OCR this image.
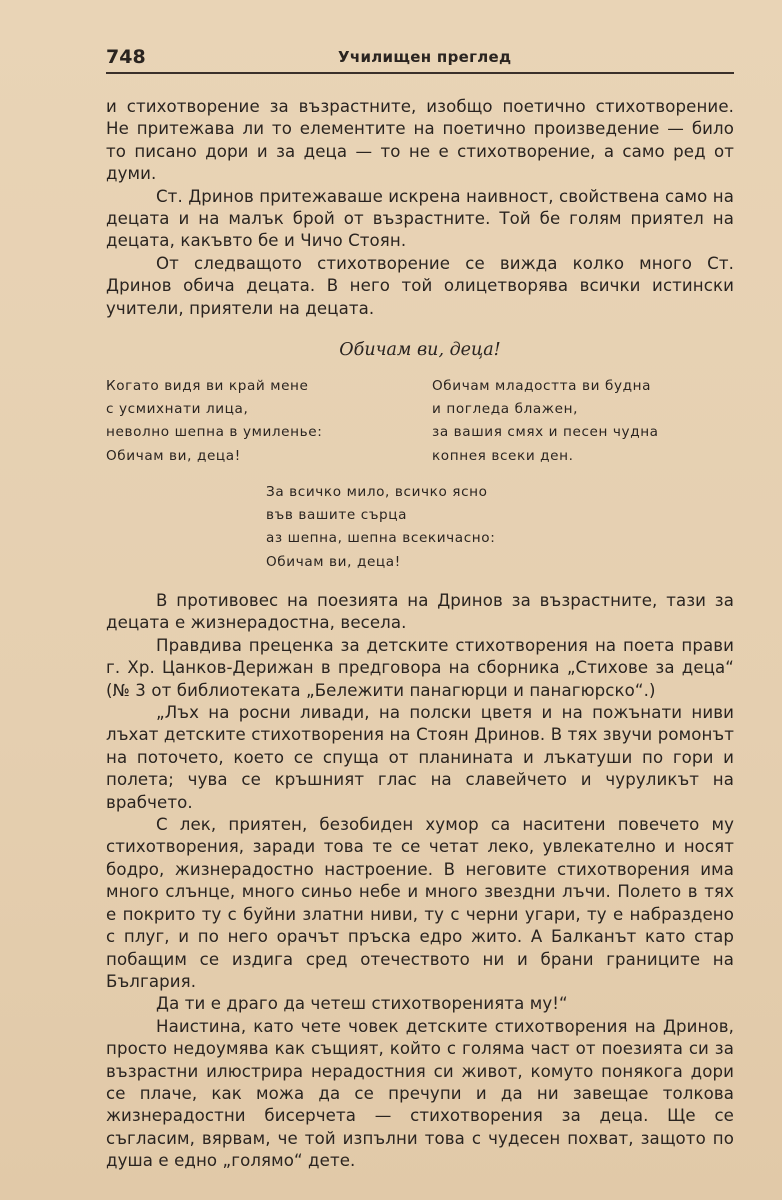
748	Училищен преглед

и стихотворение за възрастните, изобщо поетично стихотворение. Не притежава ли то елементите на поетично произведение — било то писано дори и за деца — то не е стихотворение, а само ред от думи.

Ст. Дринов притежаваше искрена наивност, свойствена само на децата и на малък брой от възрастните. Той бе голям приятел на децата, какъвто бе и Чичо Стоян.

От следващото стихотворение се вижда колко много Ст. Дринов обича децата. В него той олицетворява всички истински учители, приятели на децата.

Обичам ви, деца!
Когато видя ви край мене
с усмихнати лица,
неволно шепна в умиленье:
Обичам ви, деца!
Обичам младостта ви будна
и погледа блажен,
за вашия смях и песен чудна
копнея всеки ден.
За всичко мило, всичко ясно
във вашите сърца
аз шепна, шепна всекичасно:
Обичам ви, деца!

В противовес на поезията на Дринов за възрастните, тази за децата е жизнерадостна, весела.

Правдива преценка за детските стихотворения на поета прави г. Хр. Цанков-Дерижан в предговора на сборника „Стихове за деца“ (№ 3 от библиотеката „Бележити панагюрци и панагюрско“.)

„Лъх на росни ливади, на полски цветя и на пожънати ниви лъхат детските стихотворения на Стоян Дринов. В тях звучи ромонът на поточето, което се спуща от планината и лъкатуши по гори и полета; чува се кръшният глас на славейчето и чуруликът на врабчето.

С лек, приятен, безобиден хумор са наситени повечето му стихотворения, заради това те се четат леко, увлекателно и носят бодро, жизнерадостно настроение. В неговите стихотворения има много слънце, много синьо небе и много звездни лъчи. Полето в тях е покрито ту с буйни златни ниви, ту с черни угари, ту е набраздено с плуг, и по него орачът пръска едро жито. А Балканът като стар побащим се издига сред отечеството ни и брани границите на България.

Да ти е драго да четеш стихотворенията му!“

Наистина, като чете човек детските стихотворения на Дринов, просто недоумява как същият, който с голяма част от поезията си за възрастни илюстрира нерадостния си живот, комуто понякога дори се плаче, как можа да се пречупи и да ни завещае толкова жизнерадостни бисерчета — стихотворения за деца. Ще се съгласим, вярвам, че той изпълни това с чудесен похват, защото по душа е едно „голямо“ дете.
